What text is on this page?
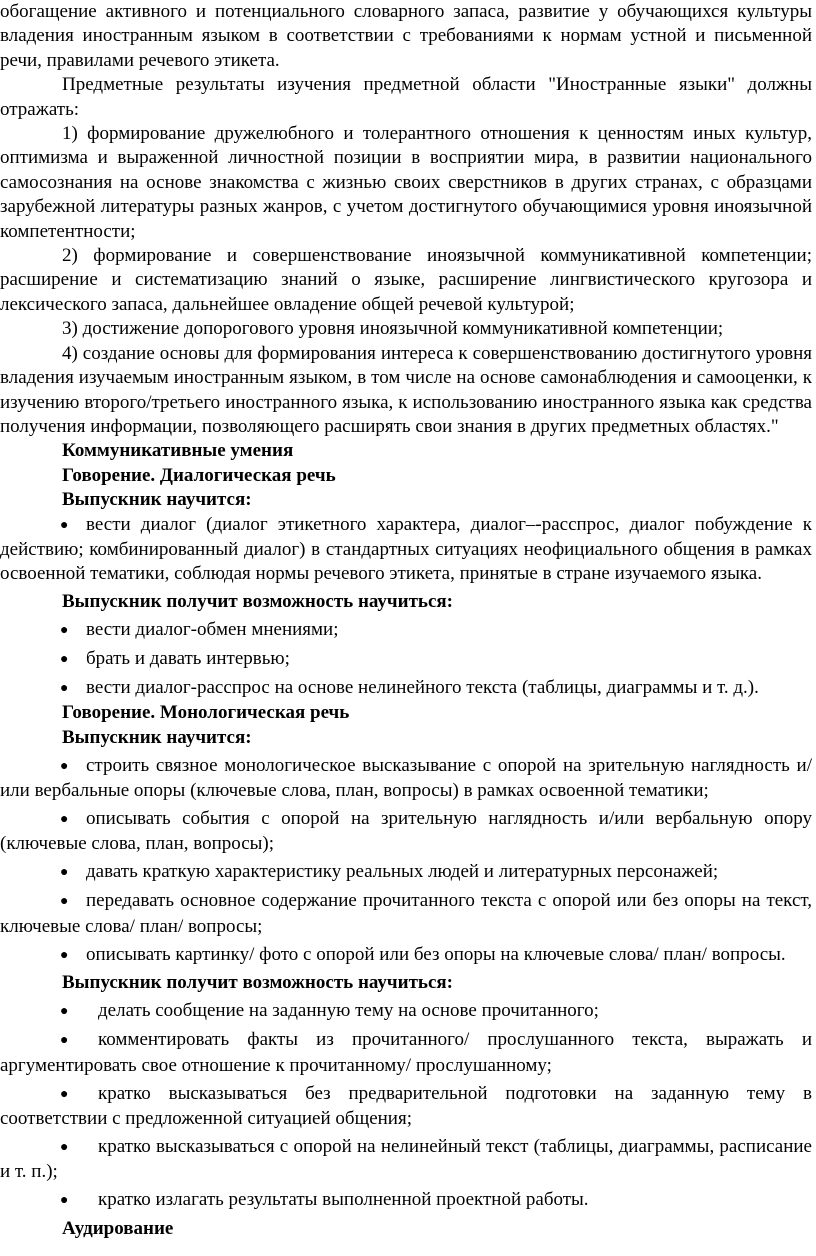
обогащение активного и потенциального словарного запаса, развитие у обучающихся культуры владения иностранным языком в соответствии с требованиями к нормам устной и письменной речи, правилами речевого этикета.

Предметные результаты изучения предметной области "Иностранные языки" должны отражать:

1) формирование дружелюбного и толерантного отношения к ценностям иных культур, оптимизма и выраженной личностной позиции в восприятии мира, в развитии национального самосознания на основе знакомства с жизнью своих сверстников в других странах, с образцами зарубежной литературы разных жанров, с учетом достигнутого обучающимися уровня иноязычной компетентности;

2) формирование и совершенствование иноязычной коммуникативной компетенции; расширение и систематизацию знаний о языке, расширение лингвистического кругозора и лексического запаса, дальнейшее овладение общей речевой культурой;

3) достижение допорогового уровня иноязычной коммуникативной компетенции;

4) создание основы для формирования интереса к совершенствованию достигнутого уровня владения изучаемым иностранным языком, в том числе на основе самонаблюдения и самооценки, к изучению второго/третьего иностранного языка, к использованию иностранного языка как средства получения информации, позволяющего расширять свои знания в других предметных областях."

Коммуникативные умения

Говорение. Диалогическая речь

Выпускник научится:

● вести диалог (диалог этикетного характера, диалог–-расспрос, диалог побуждение к действию; комбинированный диалог) в стандартных ситуациях неофициального общения в рамках освоенной тематики, соблюдая нормы речевого этикета, принятые в стране изучаемого языка.

Выпускник получит возможность научиться:

● вести диалог-обмен мнениями;

● брать и давать интервью;

● вести диалог-расспрос на основе нелинейного текста (таблицы, диаграммы и т. д.).

Говорение. Монологическая речь

Выпускник научится:

● строить связное монологическое высказывание с опорой на зрительную наглядность и/или вербальные опоры (ключевые слова, план, вопросы) в рамках освоенной тематики;

● описывать события с опорой на зрительную наглядность и/или вербальную опору (ключевые слова, план, вопросы);

● давать краткую характеристику реальных людей и литературных персонажей;

● передавать основное содержание прочитанного текста с опорой или без опоры на текст, ключевые слова/ план/ вопросы;

● описывать картинку/ фото с опорой или без опоры на ключевые слова/ план/ вопросы.

Выпускник получит возможность научиться:

● делать сообщение на заданную тему на основе прочитанного;

● комментировать факты из прочитанного/ прослушанного текста, выражать и аргументировать свое отношение к прочитанному/ прослушанному;

● кратко высказываться без предварительной подготовки на заданную тему в соответствии с предложенной ситуацией общения;

● кратко высказываться с опорой на нелинейный текст (таблицы, диаграммы, расписание и т. п.);

● кратко излагать результаты выполненной проектной работы.

Аудирование
